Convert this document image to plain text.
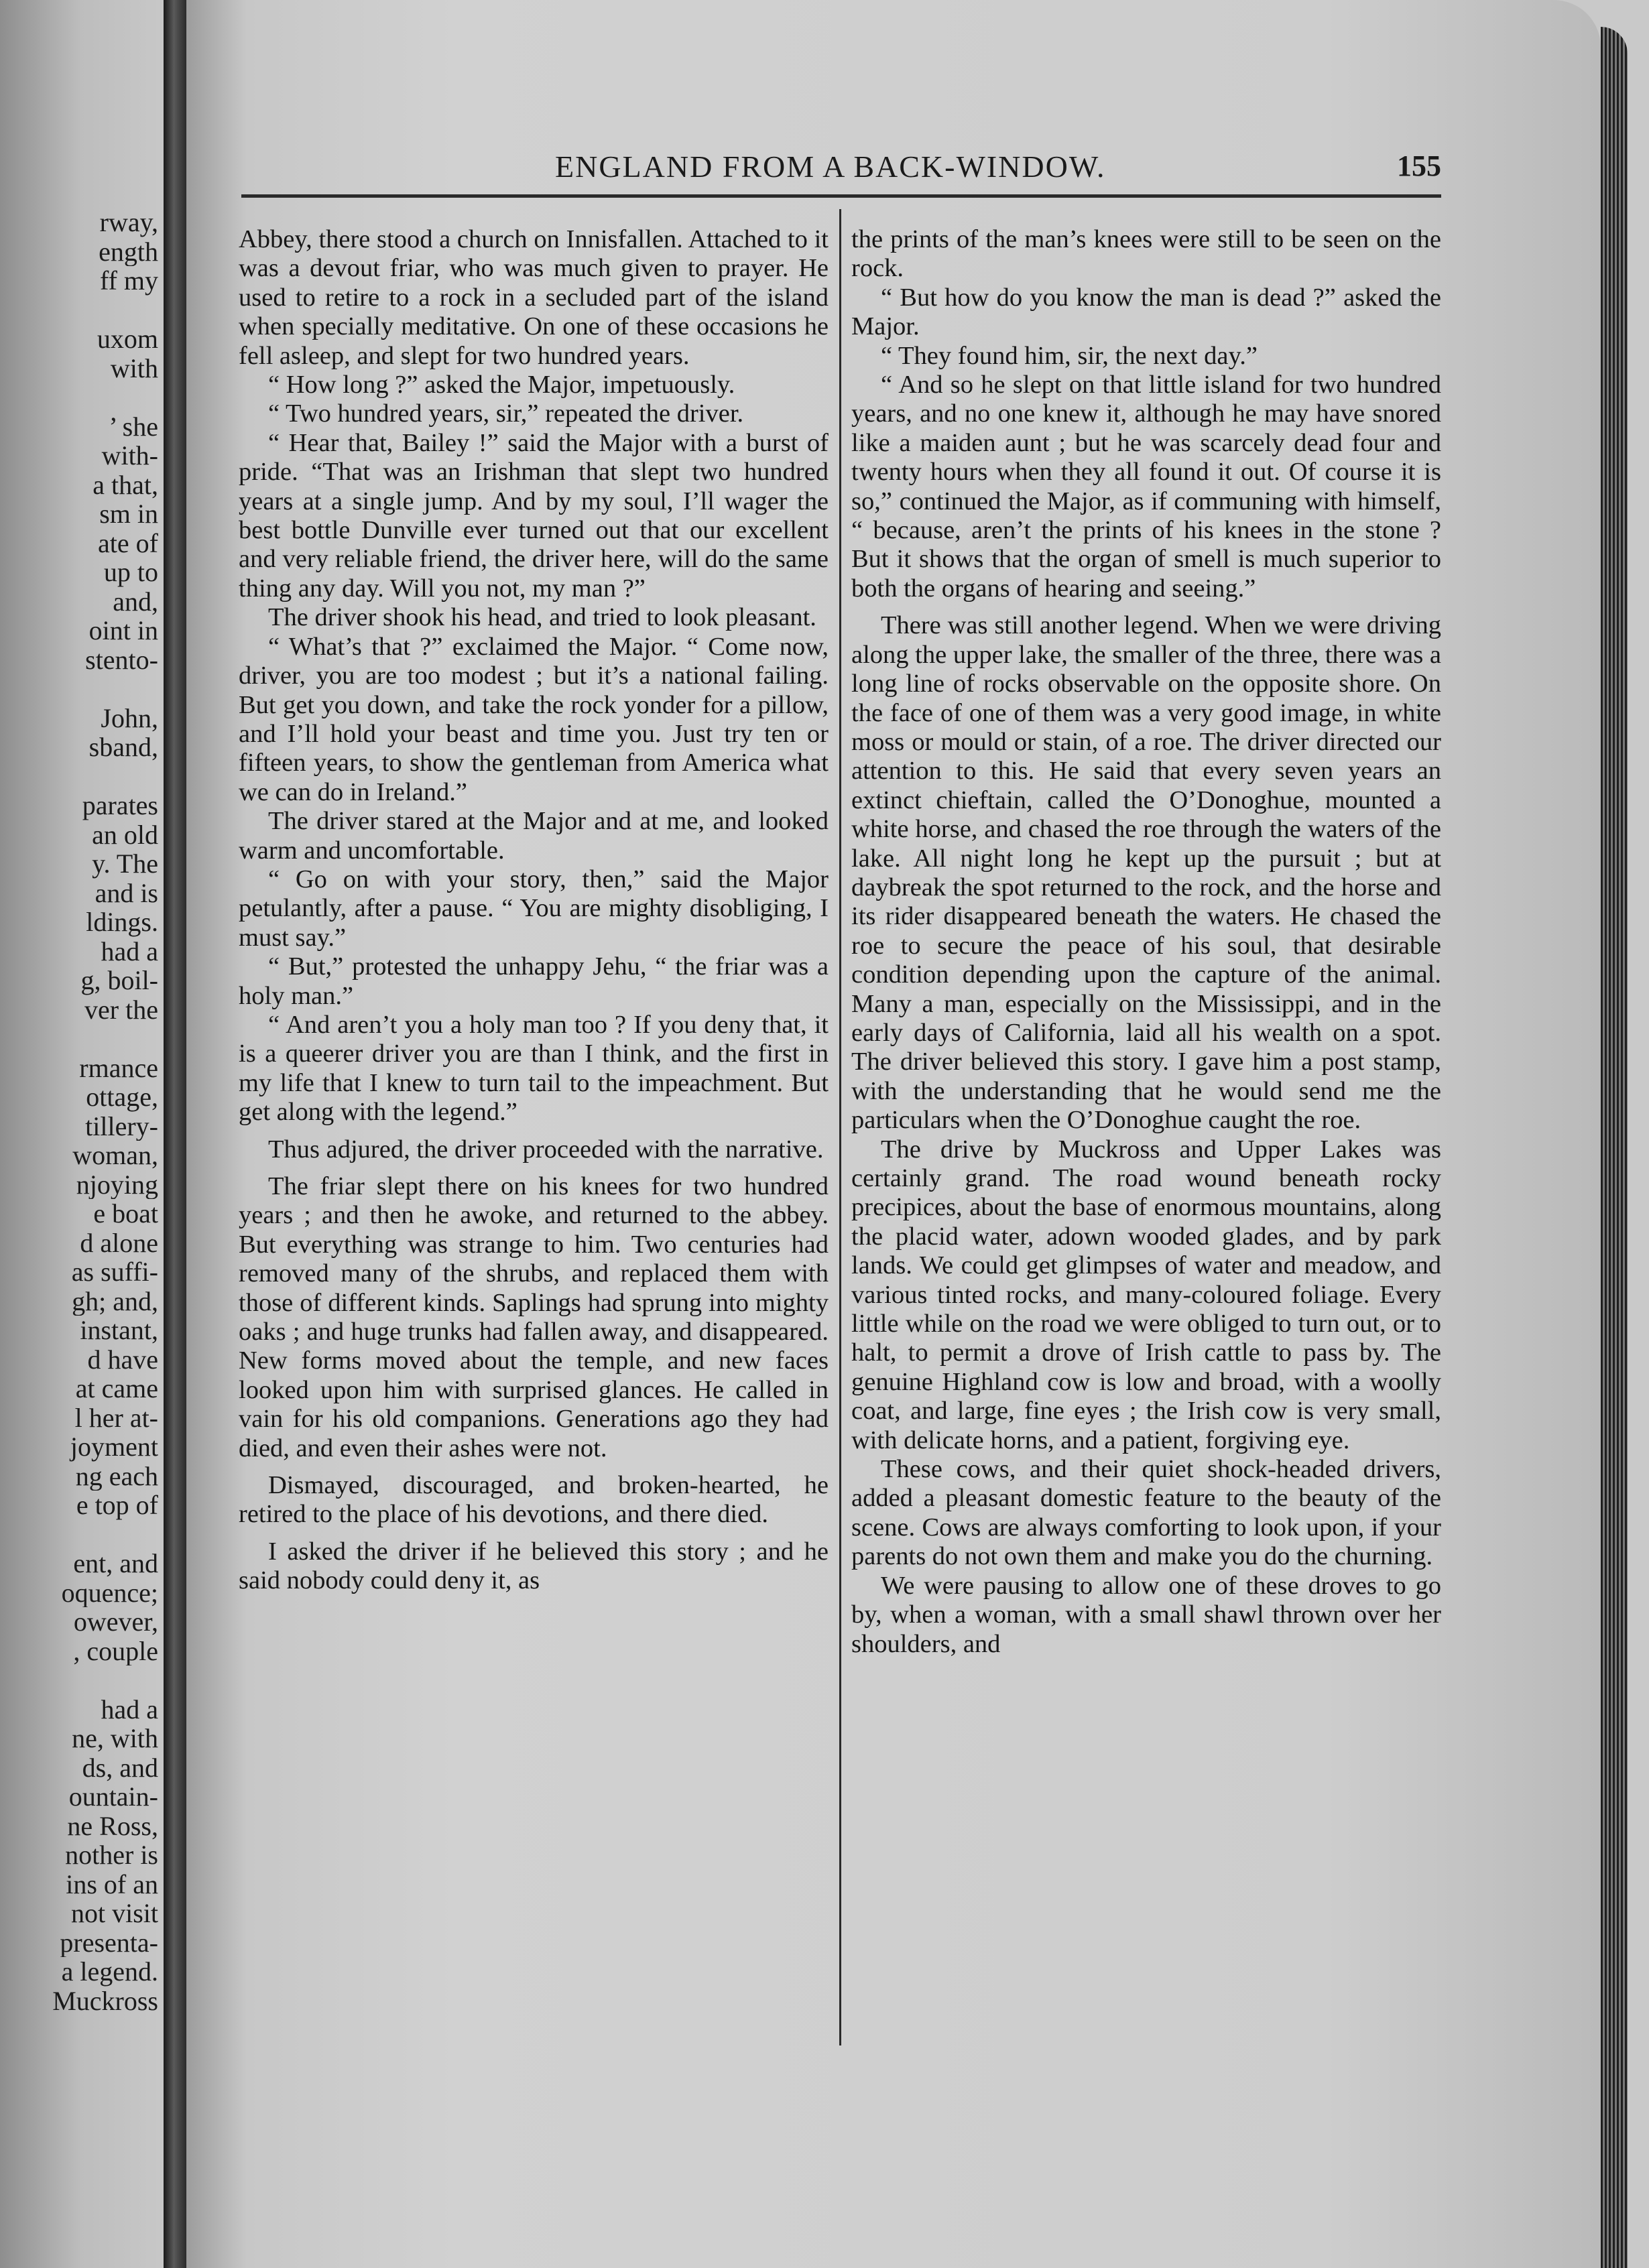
rway,
ength
ff my

uxom
with

’ she
with-
a that,
sm in
ate of
up to
and,
oint in
stento-

John,
sband,

parates
an old
y. The
and is
ldings.
had a
g, boil-
ver the

rmance
ottage,
tillery-
woman,
njoying
e boat
d alone
as suffi-
gh; and,
instant,
d have
at came
l her at-
joyment
ng each
e top of

ent, and
oquence;
owever,
, couple

had a
ne, with
ds, and
ountain-
ne Ross,
nother is
ins of an
not visit
presenta-
a legend.
Muckross
ENGLAND FROM A BACK-WINDOW.	155

Abbey, there stood a church on Innisfallen. Attached to it was a devout friar, who was much given to prayer. He used to retire to a rock in a secluded part of the island when specially meditative. On one of these occasions he fell asleep, and slept for two hundred years.

“ How long ?” asked the Major, impetuously.

“ Two hundred years, sir,” repeated the driver.

“ Hear that, Bailey !” said the Major with a burst of pride. “That was an Irishman that slept two hundred years at a single jump. And by my soul, I’ll wager the best bottle Dunville ever turned out that our excellent and very reliable friend, the driver here, will do the same thing any day. Will you not, my man ?”

The driver shook his head, and tried to look pleasant.

“ What’s that ?” exclaimed the Major. “ Come now, driver, you are too modest ; but it’s a national failing. But get you down, and take the rock yonder for a pillow, and I’ll hold your beast and time you. Just try ten or fifteen years, to show the gentleman from America what we can do in Ireland.”

The driver stared at the Major and at me, and looked warm and uncomfortable.

“ Go on with your story, then,” said the Major petulantly, after a pause. “ You are mighty disobliging, I must say.”

“ But,” protested the unhappy Jehu, “ the friar was a holy man.”

“ And aren’t you a holy man too ? If you deny that, it is a queerer driver you are than I think, and the first in my life that I knew to turn tail to the impeachment. But get along with the legend.”

Thus adjured, the driver proceeded with the narrative.

The friar slept there on his knees for two hundred years ; and then he awoke, and returned to the abbey. But everything was strange to him. Two centuries had removed many of the shrubs, and replaced them with those of different kinds. Saplings had sprung into mighty oaks ; and huge trunks had fallen away, and disappeared. New forms moved about the temple, and new faces looked upon him with surprised glances. He called in vain for his old companions. Generations ago they had died, and even their ashes were not.

Dismayed, discouraged, and broken-hearted, he retired to the place of his devotions, and there died.

I asked the driver if he believed this story ; and he said nobody could deny it, as

the prints of the man’s knees were still to be seen on the rock.

“ But how do you know the man is dead ?” asked the Major.

“ They found him, sir, the next day.”

“ And so he slept on that little island for two hundred years, and no one knew it, although he may have snored like a maiden aunt ; but he was scarcely dead four and twenty hours when they all found it out. Of course it is so,” continued the Major, as if communing with himself, “ because, aren’t the prints of his knees in the stone ? But it shows that the organ of smell is much superior to both the organs of hearing and seeing.”

There was still another legend. When we were driving along the upper lake, the smaller of the three, there was a long line of rocks observable on the opposite shore. On the face of one of them was a very good image, in white moss or mould or stain, of a roe. The driver directed our attention to this. He said that every seven years an extinct chieftain, called the O’Donoghue, mounted a white horse, and chased the roe through the waters of the lake. All night long he kept up the pursuit ; but at daybreak the spot returned to the rock, and the horse and its rider disappeared beneath the waters. He chased the roe to secure the peace of his soul, that desirable condition depending upon the capture of the animal. Many a man, especially on the Mississippi, and in the early days of California, laid all his wealth on a spot. The driver believed this story. I gave him a post stamp, with the understanding that he would send me the particulars when the O’Donoghue caught the roe.

The drive by Muckross and Upper Lakes was certainly grand. The road wound beneath rocky precipices, about the base of enormous mountains, along the placid water, adown wooded glades, and by park lands. We could get glimpses of water and meadow, and various tinted rocks, and many-coloured foliage. Every little while on the road we were obliged to turn out, or to halt, to permit a drove of Irish cattle to pass by. The genuine Highland cow is low and broad, with a woolly coat, and large, fine eyes ; the Irish cow is very small, with delicate horns, and a patient, forgiving eye.

These cows, and their quiet shock-headed drivers, added a pleasant domestic feature to the beauty of the scene. Cows are always comforting to look upon, if your parents do not own them and make you do the churning.

We were pausing to allow one of these droves to go by, when a woman, with a small shawl thrown over her shoulders, and
